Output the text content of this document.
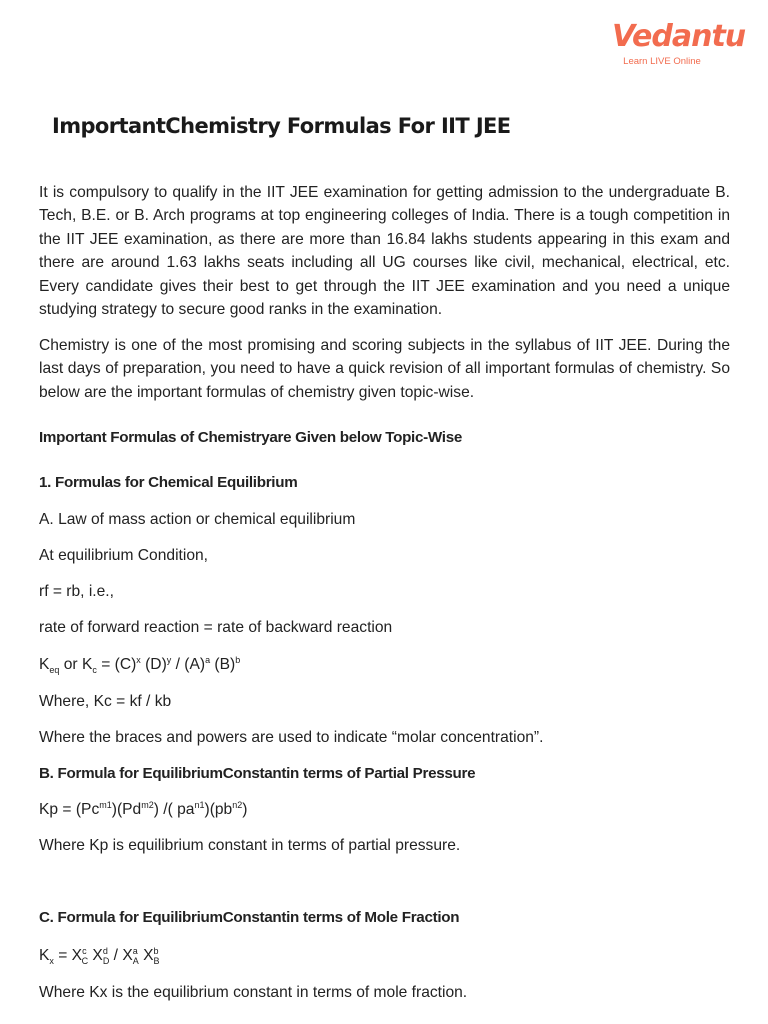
Vedantu
Learn LIVE Online
ImportantChemistry Formulas For IIT JEE

It is compulsory to qualify in the IIT JEE examination for getting admission to the undergraduate B. Tech, B.E. or B. Arch programs at top engineering colleges of India. There is a tough competition in the IIT JEE examination, as there are more than 16.84 lakhs students appearing in this exam and there are around 1.63 lakhs seats including all UG courses like civil, mechanical, electrical, etc. Every candidate gives their best to get through the IIT JEE examination and you need a unique studying strategy to secure good ranks in the examination.

Chemistry is one of the most promising and scoring subjects in the syllabus of IIT JEE. During the last days of preparation, you need to have a quick revision of all important formulas of chemistry. So below are the important formulas of chemistry given topic-wise.

Important Formulas of Chemistryare Given below Topic-Wise

1. Formulas for Chemical Equilibrium

A. Law of mass action or chemical equilibrium

At equilibrium Condition,

rf = rb, i.e.,

rate of forward reaction = rate of backward reaction

$K_{eq}$ or $K_c = (C)^x$ $(D)^y / (A)^a$ $(B)^b$

Where, Kc = kf / kb

Where the braces and powers are used to indicate “molar concentration”.

B. Formula for EquilibriumConstantin terms of Partial Pressure

$Kp = (Pc^{m1})(Pd^{m2})$ /( $pa^{n1})(pb^{n2})$

Where Kp is equilibrium constant in terms of partial pressure.

C. Formula for EquilibriumConstantin terms of Mole Fraction

$K_x = X^c_C$ $X^d_D / X^a_A$ $X^b_B$

Where Kx is the equilibrium constant in terms of mole fraction.
